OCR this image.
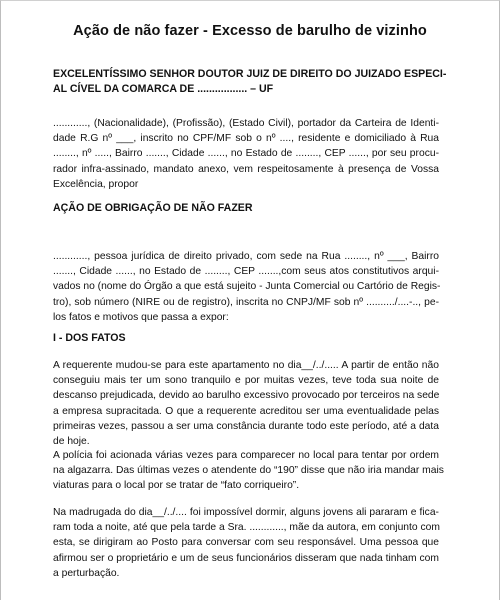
Ação de não fazer - Excesso de barulho de vizinho
EXCELENTÍSSIMO SENHOR DOUTOR JUIZ DE DIREITO DO JUIZADO ESPECI-
AL CÍVEL DA COMARCA DE ................. – UF
............, (Nacionalidade), (Profissão), (Estado Civil), portador da Carteira de Identi-
dade R.G nº ___, inscrito no CPF/MF sob o nº ...., residente e domiciliado à Rua
........, nº ....., Bairro ......., Cidade ......, no Estado de ........, CEP ......, por seu procu-
rador infra-assinado, mandato anexo, vem respeitosamente à presença de Vossa
Excelência, propor
AÇÃO DE OBRIGAÇÃO DE NÃO FAZER
............, pessoa jurídica de direito privado, com sede na Rua ........, nº ___, Bairro
......., Cidade ......, no Estado de ........, CEP .......,com seus atos constitutivos arqui-
vados no (nome do Órgão a que está sujeito - Junta Comercial ou Cartório de Regis-
tro), sob número (NIRE ou de registro), inscrita no CNPJ/MF sob nº ........../....-.., pe-
los fatos e motivos que passa a expor:
I - DOS FATOS
A requerente mudou-se para este apartamento no dia__/../..... A partir de então não
conseguiu mais ter um sono tranquilo e por muitas vezes, teve toda sua noite de
descanso prejudicada, devido ao barulho excessivo provocado por terceiros na sede
a empresa supracitada. O que a requerente acreditou ser uma eventualidade pelas
primeiras vezes, passou a ser uma constância durante todo este período, até a data
de hoje.
A polícia foi acionada várias vezes para comparecer no local para tentar por ordem
na algazarra. Das últimas vezes o atendente do “190” disse que não iria mandar mais
viaturas para o local por se tratar de “fato corriqueiro”.
Na madrugada do dia__/../.... foi impossível dormir, alguns jovens ali pararam e fica-
ram toda a noite, até que pela tarde a Sra. ............, mãe da autora, em conjunto com
esta, se dirigiram ao Posto para conversar com seu responsável. Uma pessoa que
afirmou ser o proprietário e um de seus funcionários disseram que nada tinham com
a perturbação.
